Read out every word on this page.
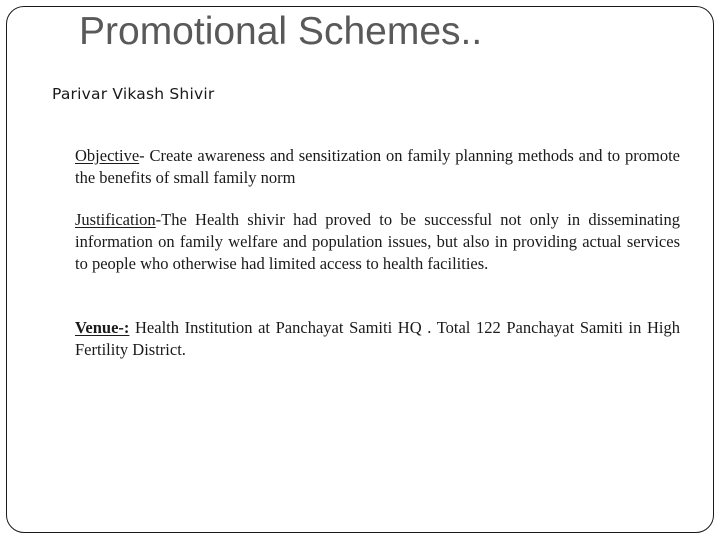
Promotional Schemes..

Parivar Vikash Shivir

Objective- Create awareness and sensitization on family planning methods and to promote the benefits of small family norm

Justification-The Health shivir had proved to be successful not only in disseminating information on family welfare and population issues, but also in providing actual services to people who otherwise had limited access to health facilities.

Venue-: Health Institution at Panchayat Samiti HQ . Total 122 Panchayat Samiti in High Fertility District.
